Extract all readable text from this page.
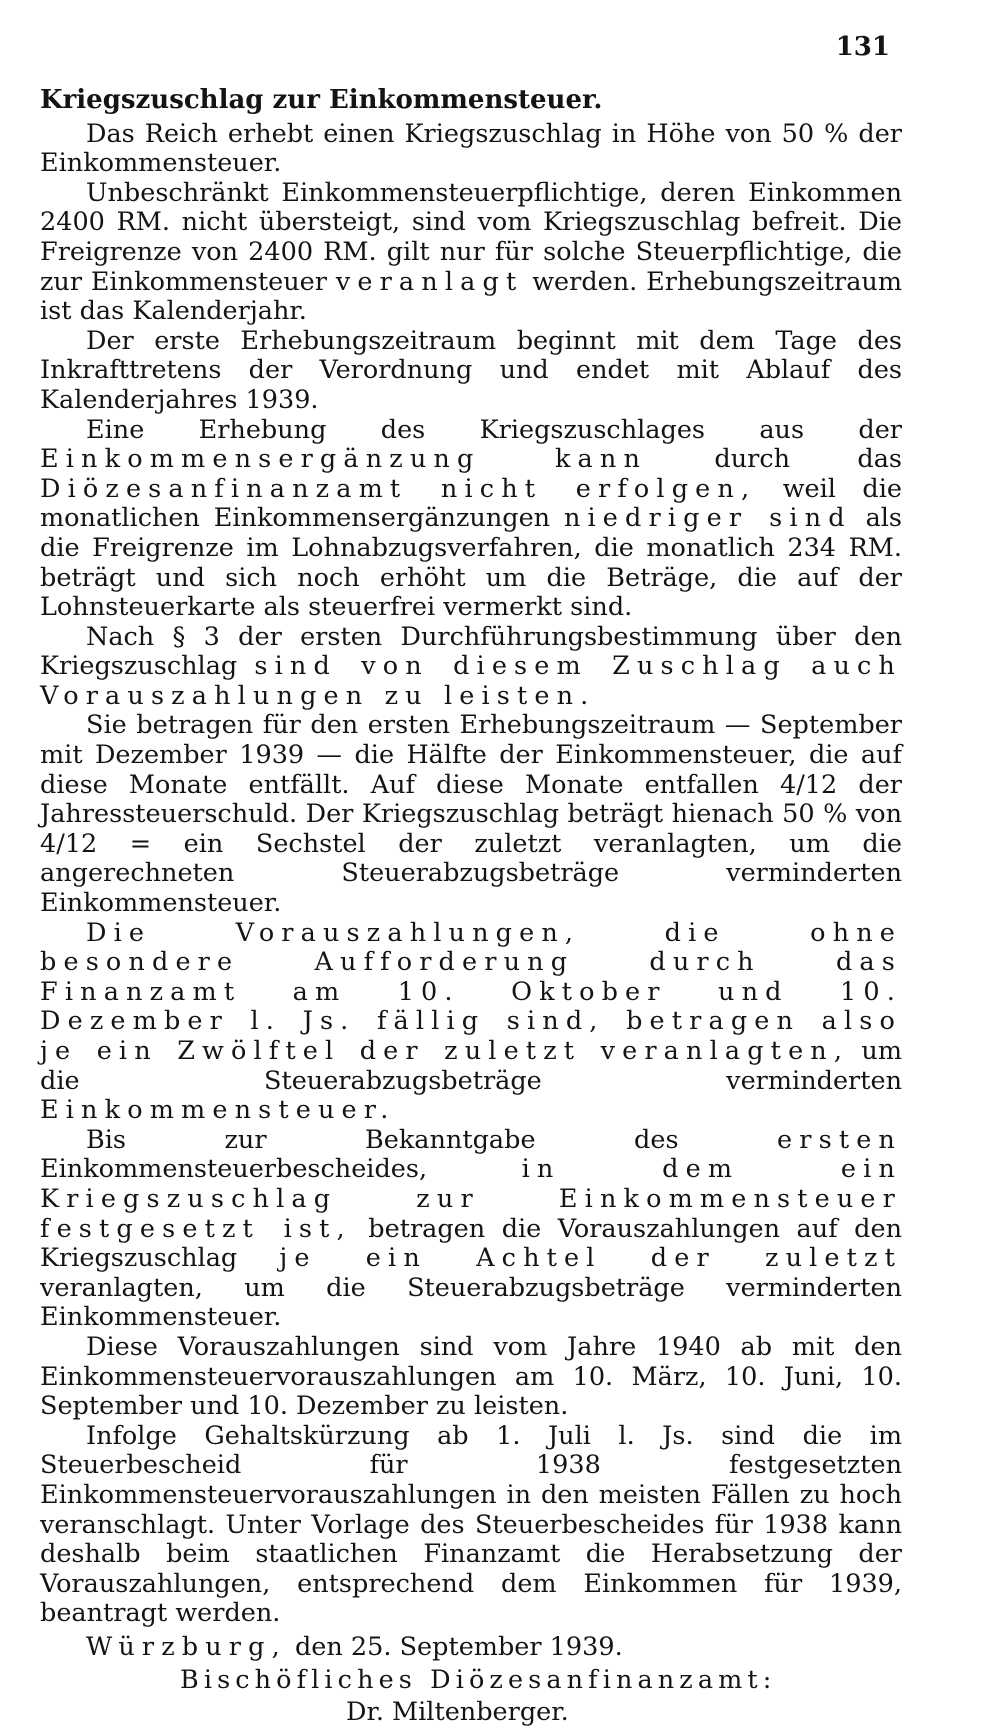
131
Kriegszuschlag zur Einkommensteuer.

Das Reich erhebt einen Kriegszuschlag in Höhe von 50 % der Einkommensteuer.

Unbeschränkt Einkommensteuerpflichtige, deren Einkommen 2400 RM. nicht übersteigt, sind vom Kriegszuschlag befreit. Die Freigrenze von 2400 RM. gilt nur für solche Steuerpflichtige, die zur Einkommensteuer veranlagt werden. Erhebungszeitraum ist das Kalenderjahr.

Der erste Erhebungszeitraum beginnt mit dem Tage des Inkrafttretens der Verordnung und endet mit Ablauf des Kalenderjahres 1939.

Eine Erhebung des Kriegszuschlages aus der Einkommensergänzung kann	durch das Diözesanfinanzamt nicht erfolgen, weil die monatlichen Einkommensergänzungen niedriger sind als die Freigrenze im Lohnabzugsverfahren, die monatlich 234 RM. beträgt und sich noch erhöht um die Beträge, die auf der Lohnsteuerkarte als steuerfrei vermerkt sind.

Nach § 3 der ersten Durchführungsbestimmung über den Kriegszuschlag sind von diesem Zuschlag auch Vorauszahlungen zu leisten.

Sie betragen für den ersten Erhebungszeitraum — September mit Dezember 1939 — die Hälfte der Einkommensteuer, die auf diese Monate entfällt. Auf diese Monate entfallen 4/12 der Jahressteuerschuld. Der Kriegszuschlag beträgt hienach 50 % von 4/12 = ein Sechstel der zuletzt veranlagten, um die angerechneten Steuerabzugsbeträge verminderten Einkommensteuer.

Die Vorauszahlungen, die ohne besondere Aufforderung durch das Finanzamt am 10. Oktober und 10. Dezember l. Js. fällig sind, betragen also je ein Zwölftel der zuletzt veranlagten, um die Steuerabzugsbeträge verminderten Einkommensteuer.

Bis zur Bekanntgabe des	ersten Einkommensteuerbescheides,	in dem ein Kriegszuschlag zur Einkommensteuer festgesetzt ist, betragen die Vorauszahlungen auf den Kriegszuschlag je ein Achtel der zuletzt veranlagten, um die Steuerabzugsbeträge verminderten Einkommensteuer.

Diese Vorauszahlungen sind vom Jahre 1940 ab mit den Einkommensteuervorauszahlungen am 10. März, 10. Juni, 10. September und 10. Dezember zu leisten.

Infolge Gehaltskürzung ab 1. Juli l. Js. sind die im Steuerbescheid für 1938 festgesetzten Einkommensteuervorauszahlungen in den meisten Fällen zu hoch veranschlagt. Unter Vorlage des Steuerbescheides für 1938 kann deshalb beim staatlichen Finanzamt die Herabsetzung der Vorauszahlungen, entsprechend dem Einkommen für 1939, beantragt werden.

Würzburg, den 25. September 1939.

Bischöfliches Diözesanfinanzamt:

Dr. Miltenberger.
